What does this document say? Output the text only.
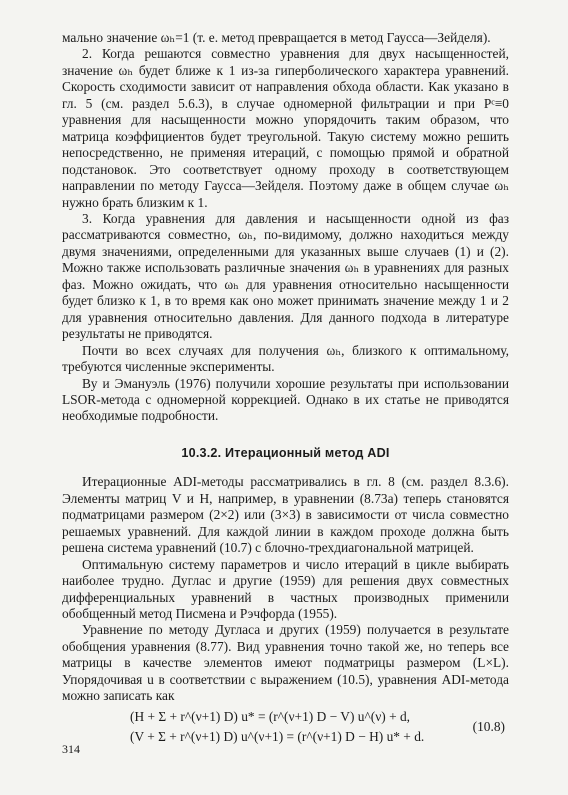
мально значение ωₕ=1 (т. е. метод превращается в метод Гаусса—Зейделя).

2. Когда решаются совместно уравнения для двух насыщенностей, значение ωₕ будет ближе к 1 из-за гиперболического характера уравнений. Скорость сходимости зависит от направления обхода области. Как указано в гл. 5 (см. раздел 5.6.3), в случае одномерной фильтрации и при Pᶜ≡0 уравнения для насыщенности можно упорядочить таким образом, что матрица коэффициентов будет треугольной. Такую систему можно решить непосредственно, не применяя итераций, с помощью прямой и обратной подстановок. Это соответствует одному проходу в соответствующем направлении по методу Гаусса—Зейделя. Поэтому даже в общем случае ωₕ нужно брать близким к 1.

3. Когда уравнения для давления и насыщенности одной из фаз рассматриваются совместно, ωₕ, по-видимому, должно находиться между двумя значениями, определенными для указанных выше случаев (1) и (2). Можно также использовать различные значения ωₕ в уравнениях для разных фаз. Можно ожидать, что ωₕ для уравнения относительно насыщенности будет близко к 1, в то время как оно может принимать значение между 1 и 2 для уравнения относительно давления. Для данного подхода в литературе результаты не приводятся.

Почти во всех случаях для получения ωₕ, близкого к оптимальному, требуются численные эксперименты.

Ву и Эмануэль (1976) получили хорошие результаты при использовании LSOR-метода с одномерной коррекцией. Однако в их статье не приводятся необходимые подробности.

10.3.2. Итерационный метод ADI

Итерационные ADI-методы рассматривались в гл. 8 (см. раздел 8.3.6). Элементы матриц V и H, например, в уравнении (8.73а) теперь становятся подматрицами размером (2×2) или (3×3) в зависимости от числа совместно решаемых уравнений. Для каждой линии в каждом проходе должна быть решена система уравнений (10.7) с блочно-трехдиагональной матрицей.

Оптимальную систему параметров и число итераций в цикле выбирать наиболее трудно. Дуглас и другие (1959) для решения двух совместных дифференциальных уравнений в частных производных применили обобщенный метод Писмена и Рэчфорда (1955).

Уравнение по методу Дугласа и других (1959) получается в результате обобщения уравнения (8.77). Вид уравнения точно такой же, но теперь все матрицы в качестве элементов имеют подматрицы размером (L×L). Упорядочивая u в соответствии с выражением (10.5), уравнения ADI-метода можно записать как

(H + Σ + r^(ν+1) D) u* = (r^(ν+1) D − V) u^(ν) + d,
(V + Σ + r^(ν+1) D) u^(ν+1) = (r^(ν+1) D − H) u* + d.
(10.8)
314
